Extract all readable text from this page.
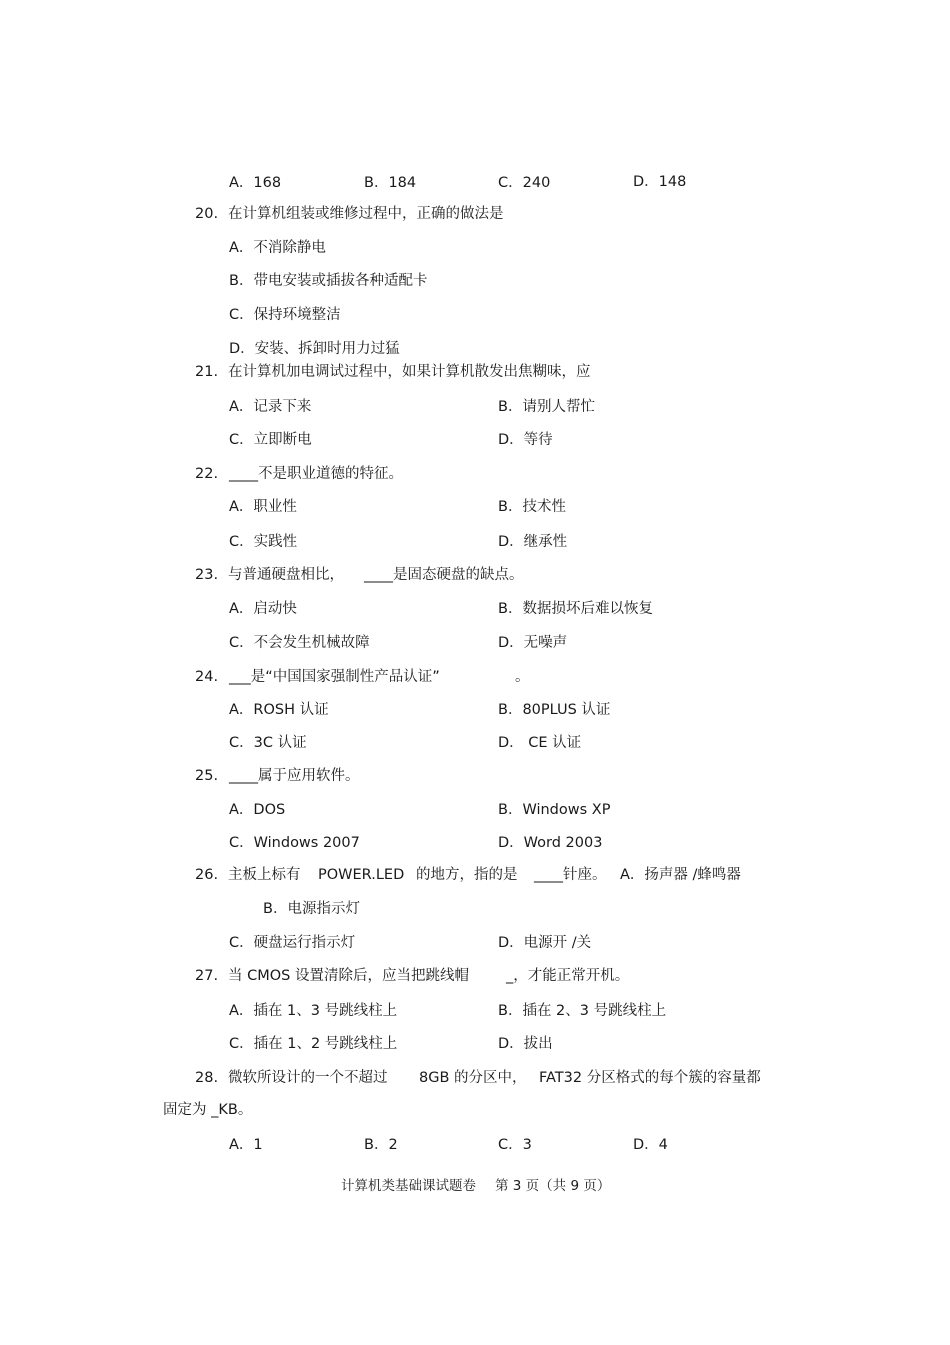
A．168	B．184	C．240	D．148
20. 在计算机组装或维修过程中，正确的做法是
A．不消除静电
B．带电安装或插拔各种适配卡
C．保持环境整洁
D．安装、拆卸时用力过猛
21. 在计算机加电调试过程中，如果计算机散发出焦糊味，应
A．记录下来	B．请别人帮忙
C．立即断电	D．等待
22. ____不是职业道德的特征。
A．职业性	B．技术性
C．实践性	D．继承性
23. 与普通硬盘相比， ____是固态硬盘的缺点。
A．启动快	B．数据损坏后难以恢复
C．不会发生机械故障	D．无噪声
24. ___是“中国国家强制性产品认证”	。
A．ROSH 认证	B．80PLUS 认证
C．3C 认证	D． CE 认证
25. ____属于应用软件。
A．DOS	B．Windows XP
C．Windows 2007	D．Word 2003
26. 主板上标有 POWER.LED 的地方，指的是 ____针座。 A．扬声器 /蜂鸣器
B．电源指示灯
C．硬盘运行指示灯	D．电源开 /关
27. 当 CMOS 设置清除后，应当把跳线帽	_，才能正常开机。
A．插在 1、3 号跳线柱上	B．插在 2、3 号跳线柱上
C．插在 1、2 号跳线柱上	D．拔出
28. 微软所设计的一个不超过 8GB 的分区中， FAT32 分区格式的每个簇的容量都
固定为 _KB。
A．1	B．2	C．3	D．4
计算机类基础课试题卷 第 3 页（共 9 页）
